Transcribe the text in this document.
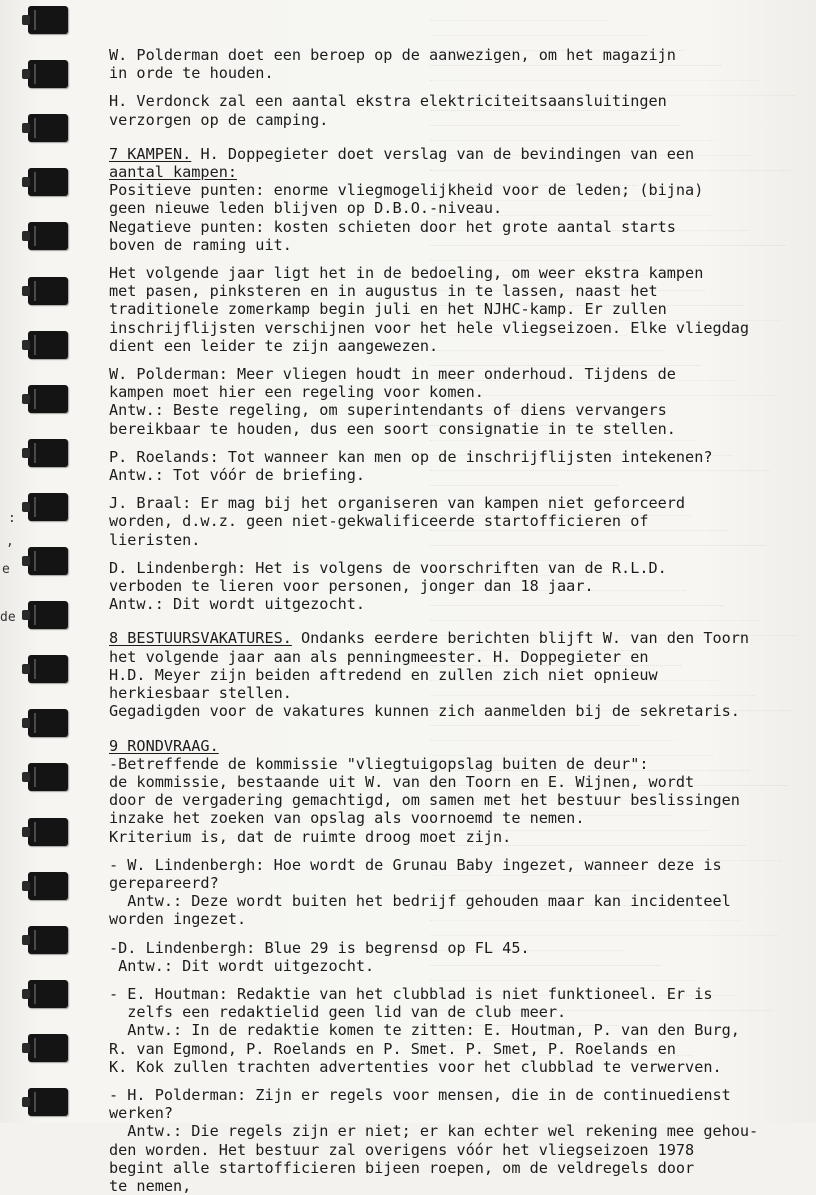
:
,
e
de
W. Polderman doet een beroep op de aanwezigen, om het magazijn
in orde te houden.
H. Verdonck zal een aantal ekstra elektriciteitsaansluitingen
verzorgen op de camping.
7 KAMPEN. H. Doppegieter doet verslag van de bevindingen van een
aantal kampen:
Positieve punten: enorme vliegmogelijkheid voor de leden; (bijna)
geen nieuwe leden blijven op D.B.O.-niveau.
Negatieve punten: kosten schieten door het grote aantal starts
boven de raming uit.
Het volgende jaar ligt het in de bedoeling, om weer ekstra kampen
met pasen, pinksteren en in augustus in te lassen, naast het
traditionele zomerkamp begin juli en het NJHC-kamp. Er zullen
inschrijflijsten verschijnen voor het hele vliegseizoen. Elke vliegdag
dient een leider te zijn aangewezen.
W. Polderman: Meer vliegen houdt in meer onderhoud. Tijdens de
kampen moet hier een regeling voor komen.
Antw.: Beste regeling, om superintendants of diens vervangers
bereikbaar te houden, dus een soort consignatie in te stellen.
P. Roelands: Tot wanneer kan men op de inschrijflijsten intekenen?
Antw.: Tot vóór de briefing.
J. Braal: Er mag bij het organiseren van kampen niet geforceerd
worden, d.w.z. geen niet-gekwalificeerde startofficieren of
lieristen.
D. Lindenbergh: Het is volgens de voorschriften van de R.L.D.
verboden te lieren voor personen, jonger dan 18 jaar.
Antw.: Dit wordt uitgezocht.
8 BESTUURSVAKATURES. Ondanks eerdere berichten blijft W. van den Toorn
het volgende jaar aan als penningmeester. H. Doppegieter en
H.D. Meyer zijn beiden aftredend en zullen zich niet opnieuw
herkiesbaar stellen.
Gegadigden voor de vakatures kunnen zich aanmelden bij de sekretaris.
9 RONDVRAAG.
-Betreffende de kommissie "vliegtuigopslag buiten de deur":
de kommissie, bestaande uit W. van den Toorn en E. Wijnen, wordt
door de vergadering gemachtigd, om samen met het bestuur beslissingen
inzake het zoeken van opslag als voornoemd te nemen.
Kriterium is, dat de ruimte droog moet zijn.
- W. Lindenbergh: Hoe wordt de Grunau Baby ingezet, wanneer deze is
gerepareerd?
Antw.: Deze wordt buiten het bedrijf gehouden maar kan incidenteel
worden ingezet.
-D. Lindenbergh: Blue 29 is begrensd op FL 45.
Antw.: Dit wordt uitgezocht.
- E. Houtman: Redaktie van het clubblad is niet funktioneel. Er is
zelfs een redaktielid geen lid van de club meer.
Antw.: In de redaktie komen te zitten: E. Houtman, P. van den Burg,
R. van Egmond, P. Roelands en P. Smet. P. Smet, P. Roelands en
K. Kok zullen trachten advertenties voor het clubblad te verwerven.
- H. Polderman: Zijn er regels voor mensen, die in de continuedienst
werken?
Antw.: Die regels zijn er niet; er kan echter wel rekening mee gehou-
den worden. Het bestuur zal overigens vóór het vliegseizoen 1978
begint alle startofficieren bijeen roepen, om de veldregels door
te nemen,
